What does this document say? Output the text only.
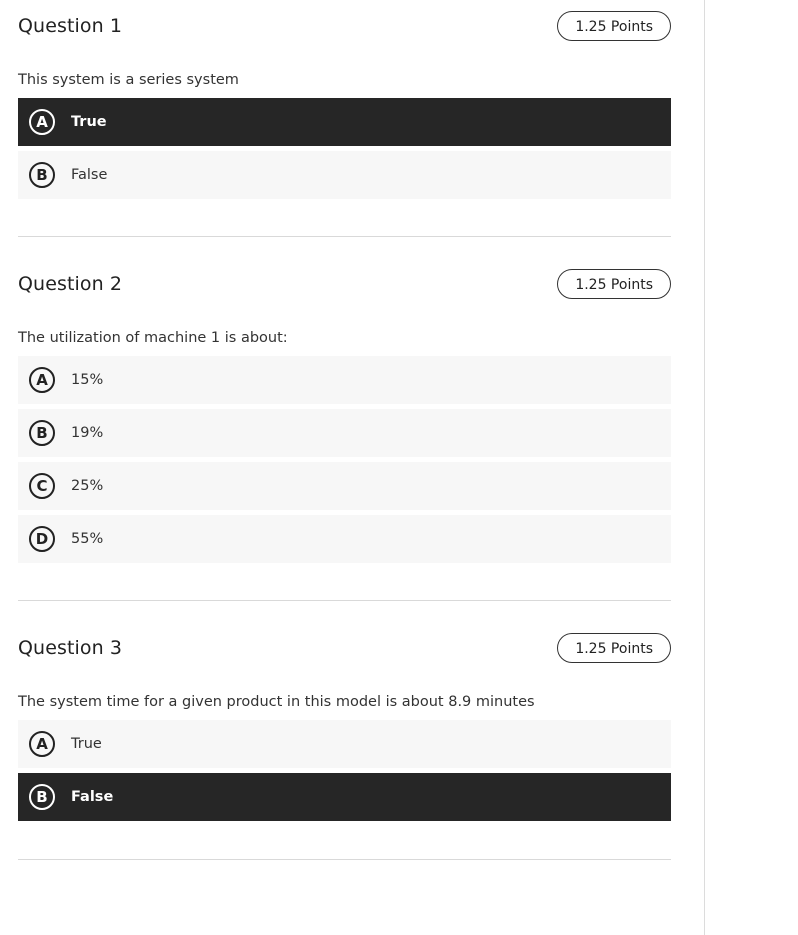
Question 1	1.25 Points

This system is a series system

A	True
B	False
Question 2	1.25 Points

The utilization of machine 1 is about:

A	15%
B	19%
C	25%
D	55%
Question 3	1.25 Points

The system time for a given product in this model is about 8.9 minutes

A	True
B	False
